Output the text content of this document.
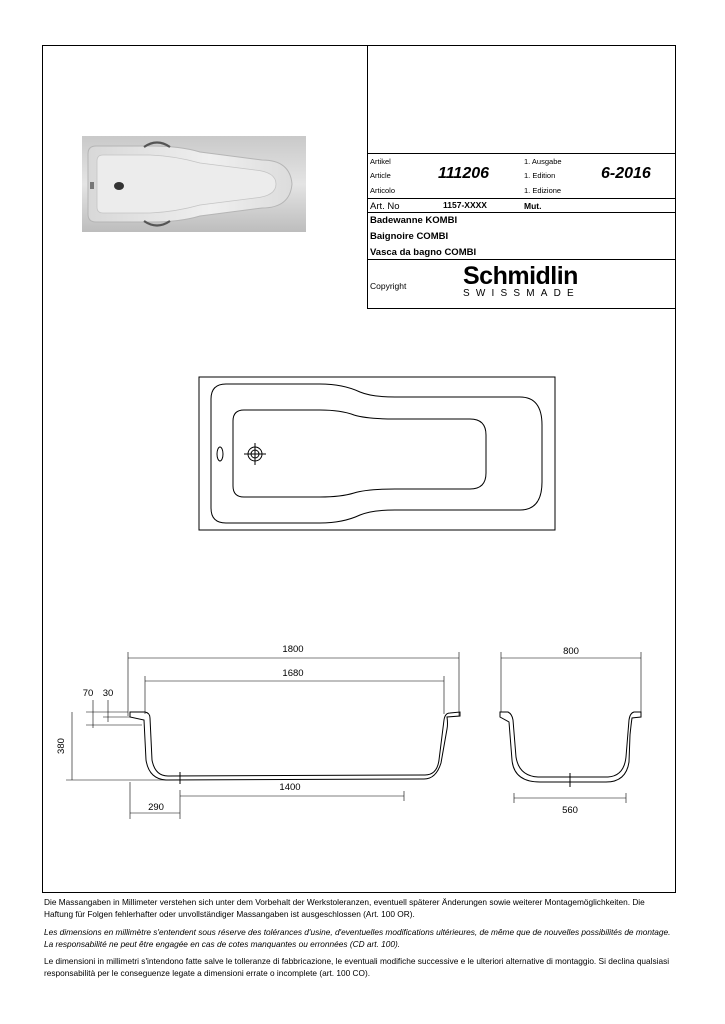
Artikel
Article
Articolo
111206
1. Ausgabe
1. Edition
1. Edizione
6-2016
Art. No	1157-XXXX	Mut.
Badewanne KOMBI
Baignoire COMBI
Vasca da bagno COMBI
Copyright Schmidlin
SWISSMADE
1800
1680
70 30
380
1400
290
800
560
Die Massangaben in Millimeter verstehen sich unter dem Vorbehalt der Werkstoleranzen, eventuell späterer Änderungen sowie weiterer Montagemöglichkeiten. Die Haftung für Folgen fehlerhafter oder unvollständiger Massangaben ist ausgeschlossen (Art. 100 OR).
Les dimensions en millimètre s'entendent sous réserve des tolérances d'usine, d'eventuelles modifications ultérieures, de même que de nouvelles possibilités de montage. La responsabilité ne peut être engagée en cas de cotes manquantes ou erronnées (CD art. 100).
Le dimensioni in millimetri s'intendono fatte salve le tolleranze di fabbricazione, le eventuali modifiche successive e le ulteriori alternative di montaggio. Si declina qualsiasi responsabilità per le conseguenze legate a dimensioni errate o incomplete (art. 100 CO).
